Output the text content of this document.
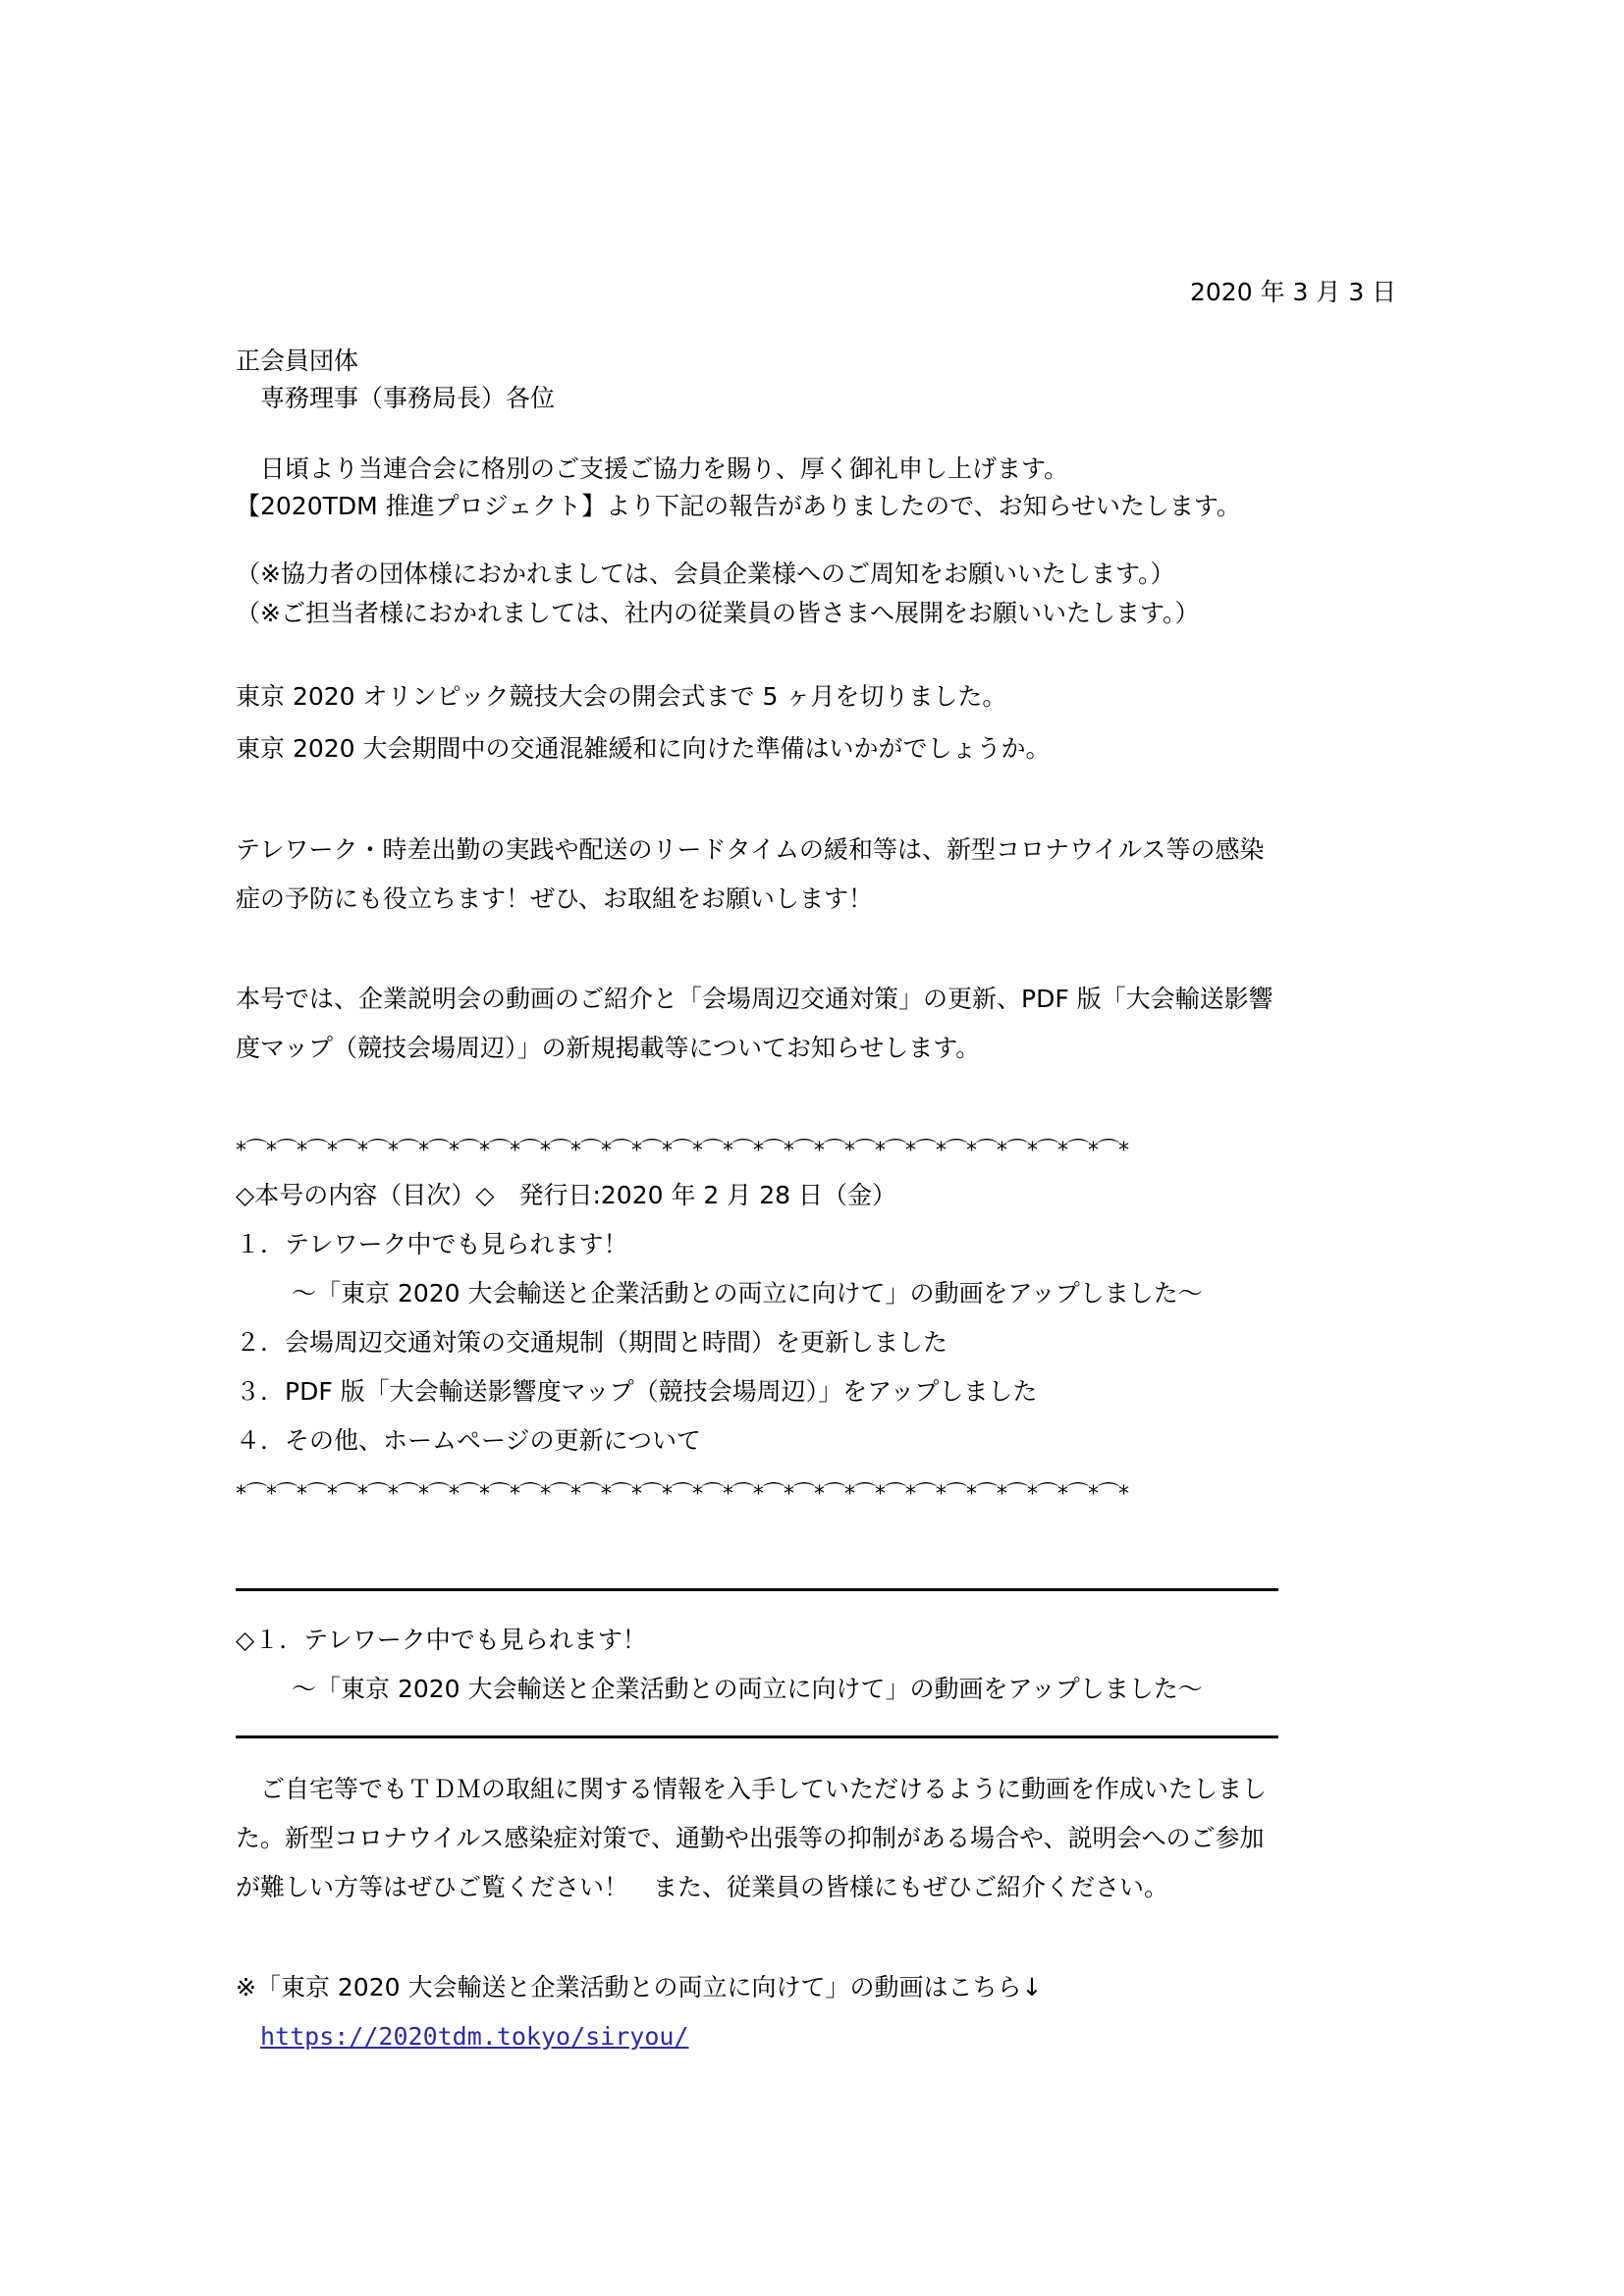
2020 年 3 月 3 日
正会員団体
専務理事（事務局長）各位
日頃より当連合会に格別のご支援ご協力を賜り、厚く御礼申し上げます。
【2020TDM 推進プロジェクト】より下記の報告がありましたので、お知らせいたします。
（※協力者の団体様におかれましては、会員企業様へのご周知をお願いいたします。）
（※ご担当者様におかれましては、社内の従業員の皆さまへ展開をお願いいたします。）
東京 2020 オリンピック競技大会の開会式まで 5 ヶ月を切りました。
東京 2020 大会期間中の交通混雑緩和に向けた準備はいかがでしょうか。
テレワーク・時差出勤の実践や配送のリードタイムの緩和等は、新型コロナウイルス等の感染
症の予防にも役立ちます！ぜひ、お取組をお願いします！
本号では、企業説明会の動画のご紹介と「会場周辺交通対策」の更新、PDF 版「大会輸送影響
度マップ（競技会場周辺）」の新規掲載等についてお知らせします。
*⌒*⌒*⌒*⌒*⌒*⌒*⌒*⌒*⌒*⌒*⌒*⌒*⌒*⌒*⌒*⌒*⌒*⌒*⌒*⌒*⌒*⌒*⌒*⌒*⌒*⌒*⌒*⌒*⌒*
◇本号の内容（目次）◇　発行日:2020 年 2 月 28 日（金）
１．テレワーク中でも見られます！
～「東京 2020 大会輸送と企業活動との両立に向けて」の動画をアップしました～
２．会場周辺交通対策の交通規制（期間と時間）を更新しました
３．PDF 版「大会輸送影響度マップ（競技会場周辺）」をアップしました
４．その他、ホームページの更新について
*⌒*⌒*⌒*⌒*⌒*⌒*⌒*⌒*⌒*⌒*⌒*⌒*⌒*⌒*⌒*⌒*⌒*⌒*⌒*⌒*⌒*⌒*⌒*⌒*⌒*⌒*⌒*⌒*⌒*
◇１．テレワーク中でも見られます！
～「東京 2020 大会輸送と企業活動との両立に向けて」の動画をアップしました～
ご自宅等でもＴＤＭの取組に関する情報を入手していただけるように動画を作成いたしまし
た。新型コロナウイルス感染症対策で、通勤や出張等の抑制がある場合や、説明会へのご参加
が難しい方等はぜひご覧ください！　また、従業員の皆様にもぜひご紹介ください。
※「東京 2020 大会輸送と企業活動との両立に向けて」の動画はこちら↓
https://2020tdm.tokyo/siryou/
